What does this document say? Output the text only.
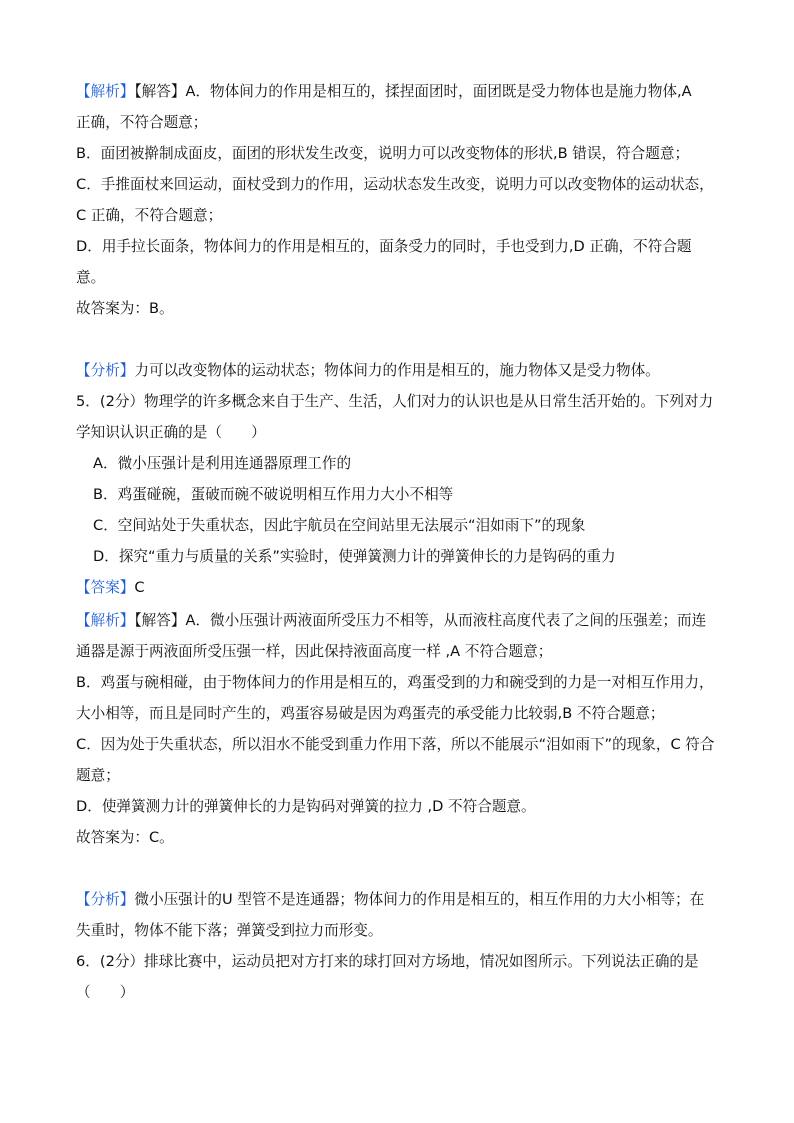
【解析】【解答】A．物体间力的作用是相互的，揉捏面团时，面团既是受力物体也是施力物体,A
正确，不符合题意；
B．面团被擀制成面皮，面团的形状发生改变，说明力可以改变物体的形状,B 错误，符合题意；
C．手推面杖来回运动，面杖受到力的作用，运动状态发生改变，说明力可以改变物体的运动状态，
C 正确，不符合题意；
D．用手拉长面条，物体间力的作用是相互的，面条受力的同时，手也受到力,D 正确，不符合题
意。
故答案为：B。
【分析】力可以改变物体的运动状态；物体间力的作用是相互的，施力物体又是受力物体。
5．(2分）物理学的许多概念来自于生产、生活，人们对力的认识也是从日常生活开始的。下列对力
学知识认识正确的是（　　）
A．微小压强计是利用连通器原理工作的
B．鸡蛋碰碗，蛋破而碗不破说明相互作用力大小不相等
C．空间站处于失重状态，因此宇航员在空间站里无法展示“泪如雨下”的现象
D．探究“重力与质量的关系”实验时，使弹簧测力计的弹簧伸长的力是钩码的重力
【答案】C
【解析】【解答】A．微小压强计两液面所受压力不相等，从而液柱高度代表了之间的压强差；而连
通器是源于两液面所受压强一样，因此保持液面高度一样 ,A 不符合题意；
B．鸡蛋与碗相碰，由于物体间力的作用是相互的，鸡蛋受到的力和碗受到的力是一对相互作用力，
大小相等，而且是同时产生的，鸡蛋容易破是因为鸡蛋壳的承受能力比较弱,B 不符合题意；
C．因为处于失重状态，所以泪水不能受到重力作用下落，所以不能展示“泪如雨下”的现象，C 符合
题意；
D．使弹簧测力计的弹簧伸长的力是钩码对弹簧的拉力 ,D 不符合题意。
故答案为：C。
【分析】微小压强计的U 型管不是连通器；物体间力的作用是相互的，相互作用的力大小相等；在
失重时，物体不能下落；弹簧受到拉力而形变。
6．(2分）排球比赛中，运动员把对方打来的球打回对方场地，情况如图所示。下列说法正确的是
（　　）
